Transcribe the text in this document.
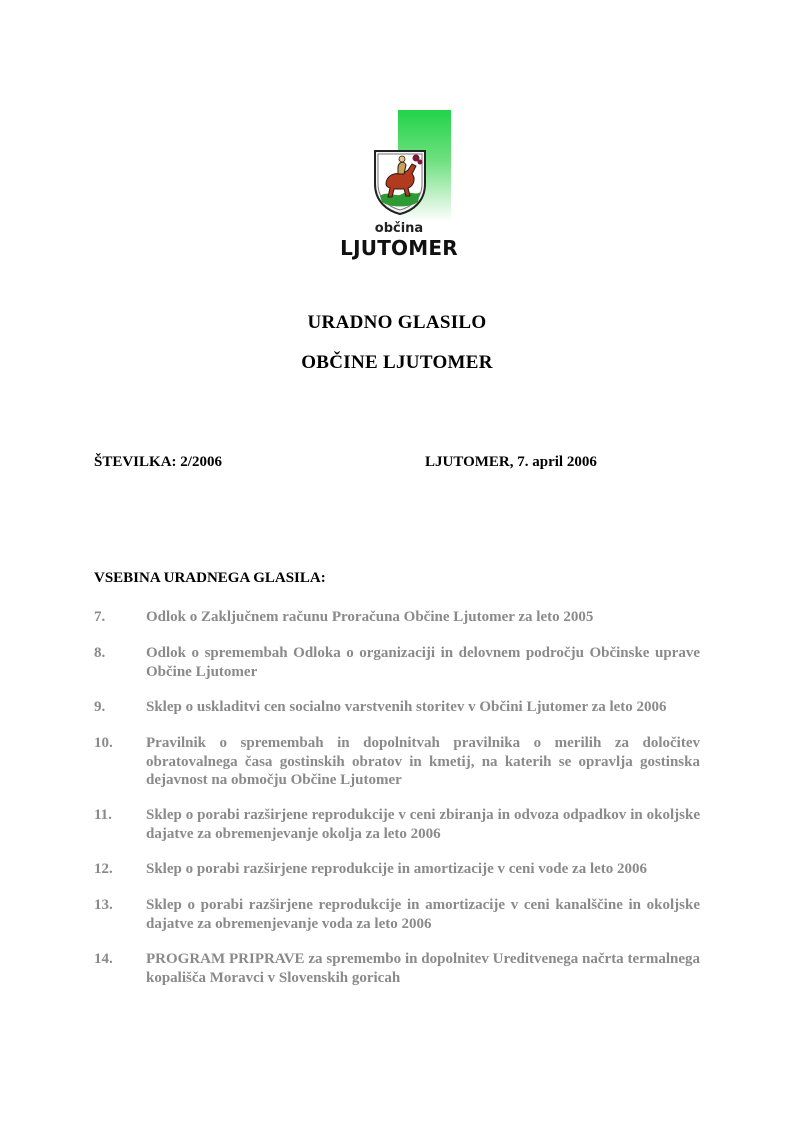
občina
LJUTOMER
URADNO GLASILO
OBČINE LJUTOMER
ŠTEVILKA: 2/2006	LJUTOMER, 7. april 2006
VSEBINA URADNEGA GLASILA:
7.	Odlok o Zaključnem računu Proračuna Občine Ljutomer za leto 2005
8.	Odlok o spremembah Odloka o organizaciji in delovnem področju Občinske uprave Občine Ljutomer
9.	Sklep o uskladitvi cen socialno varstvenih storitev v Občini Ljutomer za leto 2006
10. Pravilnik o spremembah in dopolnitvah pravilnika o merilih za določitev obratovalnega časa gostinskih obratov in kmetij, na katerih se opravlja gostinska dejavnost na območju Občine Ljutomer
11. Sklep o porabi razširjene reprodukcije v ceni zbiranja in odvoza odpadkov in okoljske dajatve za obremenjevanje okolja za leto 2006
12. Sklep o porabi razširjene reprodukcije in amortizacije v ceni vode za leto 2006
13. Sklep o porabi razširjene reprodukcije in amortizacije v ceni kanalščine in okoljske dajatve za obremenjevanje voda za leto 2006
14. PROGRAM PRIPRAVE za spremembo in dopolnitev Ureditvenega načrta termalnega kopališča Moravci v Slovenskih goricah
